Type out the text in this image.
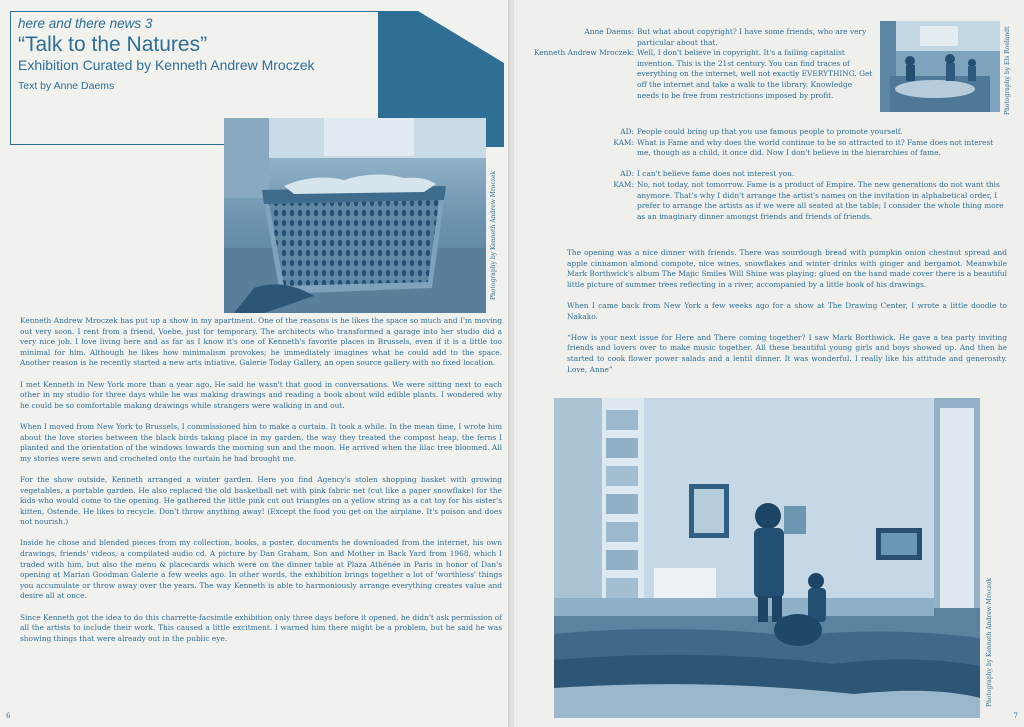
here and there news 3
“Talk to the Natures”
Exhibition Curated by Kenneth Andrew Mroczek
Text by Anne Daems
Photography by Kenneth Andrew Mroczek

Kenneth Andrew Mroczek has put up a show in my apartment. One of the reasons is he likes the space so much and I'm moving out very soon. I rent from a friend, Voebe, just for temporary. The architects who transformed a garage into her studio did a very nice job. I love living here and as far as I know it's one of Kenneth's favorite places in Brussels, even if it is a little too minimal for him. Although he likes how minimalism provokes; he immediately imagines what he could add to the space. Another reason is he recently started a new arts intiative, Galerie Today Gallery, an open source gallery with no fixed location.

I met Kenneth in New York more than a year ago. He said he wasn't that good in conversations. We were sitting next to each other in my studio for three days while he was making drawings and reading a book about wild edible plants. I wondered why he could be so comfortable making drawings while strangers were walking in and out.

When I moved from New York to Brussels, I commissioned him to make a curtain. It took a while. In the mean time, I wrote him about the love stories between the black birds taking place in my garden, the way they treated the compost heap, the ferns I planted and the orientation of the windows towards the morning sun and the moon. He arrived when the lilac tree bloomed. All my stories were sewn and crocheted onto the curtain he had brought me.

For the show outside, Kenneth arranged a winter garden. Here you find Agency's stolen shopping basket with growing vegetables, a portable garden. He also replaced the old basketball net with pink fabric net (cut like a paper snowflake) for the kids who would come to the opening. He gathered the little pink cut out triangles on a yellow string as a cat toy for his sister's kitten, Ostende. He likes to recycle. Don't throw anything away! (Except the food you get on the airplane. It's poison and does not nourish.)

Inside he chose and blended pieces from my collection, books, a poster, documents he downloaded from the internet, his own drawings, friends' videos, a compilated audio cd. A picture by Dan Graham, Son and Mother in Back Yard from 1968, which I traded with him, but also the menu & placecards which were on the dinner table at Plaza Athénée in Paris in honor of Dan's opening at Marian Goodman Galerie a few weeks ago. In other words, the exhibition brings together a lot of 'worthless' things you accumulate or throw away over the years. The way Kenneth is able to harmoniously arrange everything creates value and desire all at once.

Since Kenneth got the idea to do this charrette-facsimile exhibition only three days before it opened, he didn't ask permission of all the artists to include their work. This caused a little excitment. I warned him there might be a problem, but he said he was showing things that were already out in the public eye.

6
Anne Daems: But what about copyright? I have some friends, who are very particular about that.
Kenneth Andrew Mroczek: Well, I don't believe in copyright. It's a failing capitalist invention. This is the 21st century. You can find traces of everything on the internet, well not exactly EVERYTHING. Get off the internet and take a walk to the library. Knowledge needs to be free from restrictions imposed by profit.	Photography by Els Roelandt
AD: People could bring up that you use famous people to promote yourself.
KAM: What is Fame and why does the world continue to be so attracted to it? Fame does not interest me, though as a child, it once did. Now I don't believe in the hierarchies of fame.
AD: I can't believe fame does not interest you.
KAM: No, not today, not tomorrow. Fame is a product of Empire. The new generations do not want this anymore. That's why I didn't arrange the artist's names on the invitation in alphabetical order, I prefer to arrange the artists as if we were all seated at the table; I consider the whole thing more as an imaginary dinner amongst friends and friends of friends.

The opening was a nice dinner with friends. There was sourdough bread with pumpkin onion chestnut spread and apple cinnamon almond compote, nice wines, snowflakes and winter drinks with ginger and bergamot. Meanwhile Mark Borthwick's album The Majic Smiles Will Shine was playing; glued on the hand made cover there is a beautiful little picture of summer trees reflecting in a river, accompanied by a little book of his drawings.

When I came back from New York a few weeks ago for a show at The Drawing Center, I wrote a little doodle to Nakako.

“How is your next issue for Here and There coming together? I saw Mark Borthwick. He gave a tea party inviting friends and lovers over to make music together. All these beautiful young girls and boys showed up. And then he started to cook flower power salads and a lentil dinner. It was wonderful. I really like his attitude and generosity. Love, Anne”

Photography by Kenneth Andrew Mroczek
7
